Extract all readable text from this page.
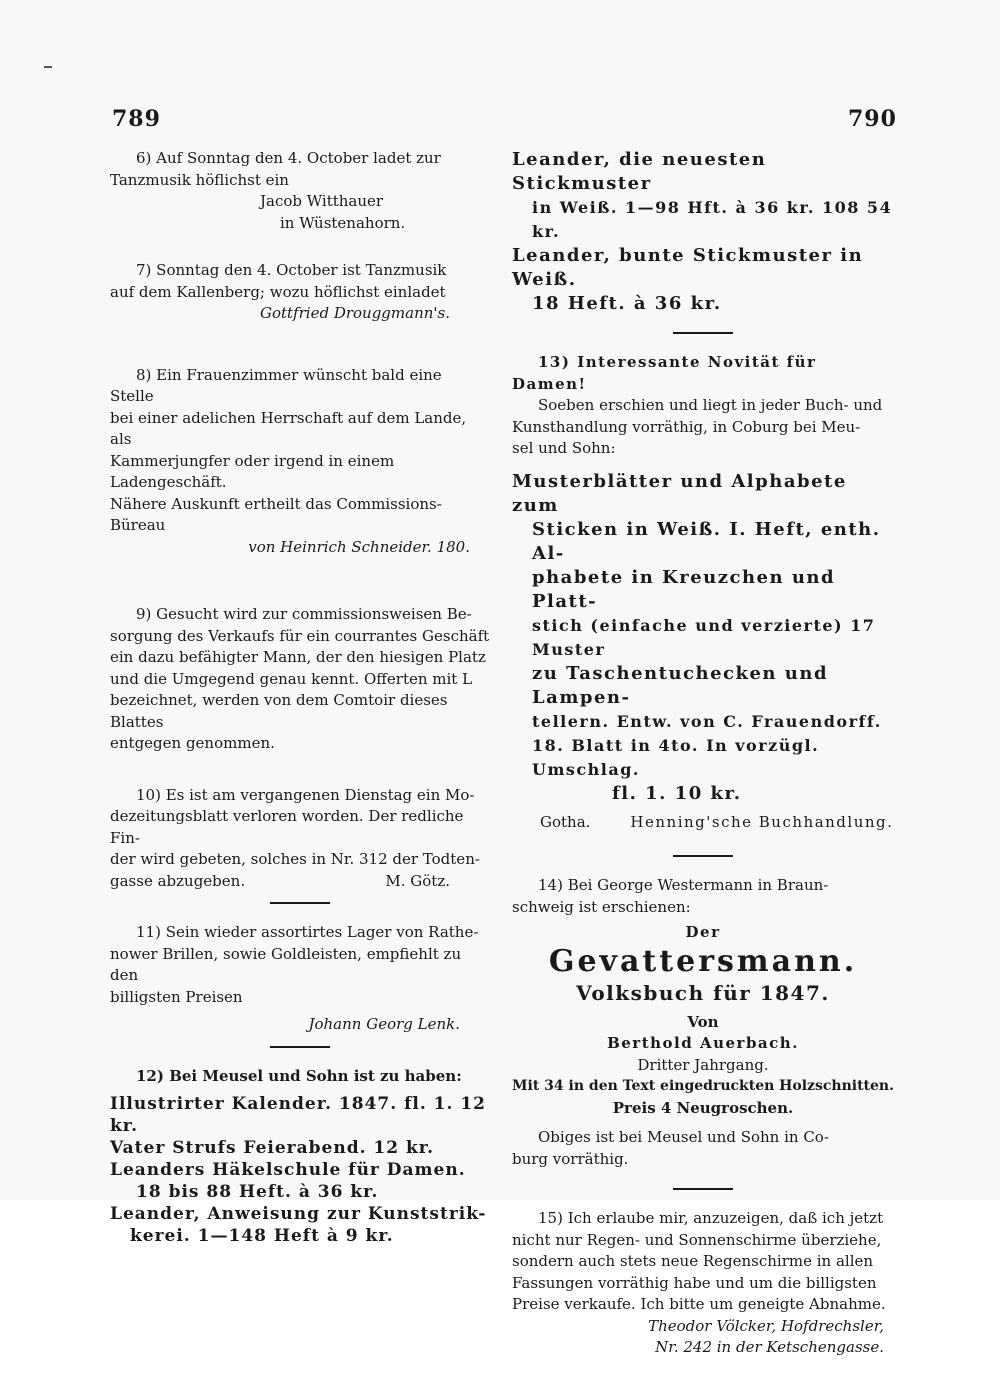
789	790

6) Auf Sonntag den 4. October ladet zur

Tanzmusik höflichst ein

Jacob Witthauer

in Wüstenahorn.

7) Sonntag den 4. October ist Tanzmusik

auf dem Kallenberg; wozu höflichst einladet

Gottfried Drouggmann's.

8) Ein Frauenzimmer wünscht bald eine Stelle

bei einer adelichen Herrschaft auf dem Lande, als

Kammerjungfer oder irgend in einem Ladengeschäft.

Nähere Auskunft ertheilt das Commissions-Büreau

von Heinrich Schneider. 180.

9) Gesucht wird zur commissionsweisen Be-

sorgung des Verkaufs für ein courrantes Geschäft

ein dazu befähigter Mann, der den hiesigen Platz

und die Umgegend genau kennt. Offerten mit L

bezeichnet, werden von dem Comtoir dieses Blattes

entgegen genommen.

10) Es ist am vergangenen Dienstag ein Mo-

dezeitungsblatt verloren worden. Der redliche Fin-

der wird gebeten, solches in Nr. 312 der Todten-

gasse abzugeben.	M. Götz.

11) Sein wieder assortirtes Lager von Rathe-

nower Brillen, sowie Goldleisten, empfiehlt zu den

billigsten Preisen

Johann Georg Lenk.

12) Bei Meusel und Sohn ist zu haben:

Illustrirter Kalender. 1847. fl. 1. 12 kr.

Vater Strufs Feierabend. 12 kr.

Leanders Häkelschule für Damen.

18 bis 88 Heft. à 36 kr.

Leander, Anweisung zur Kunststrik-

kerei. 1—148 Heft à 9 kr.

Leander, die neuesten Stickmuster

in Weiß. 1—98 Hft. à 36 kr. 108 54 kr.

Leander, bunte Stickmuster in Weiß.

18 Heft. à 36 kr.

13) Interessante Novität für Damen!

Soeben erschien und liegt in jeder Buch- und

Kunsthandlung vorräthig, in Coburg bei Meu-

sel und Sohn:

Musterblätter und Alphabete zum

Sticken in Weiß. I. Heft, enth. Al-

phabete in Kreuzchen und Platt-

stich (einfache und verzierte) 17 Muster

zu Taschentuchecken und Lampen-

tellern. Entw. von C. Frauendorff.

18. Blatt in 4to. In vorzügl. Umschlag.

fl. 1. 10 kr.

Gotha.	Henning'sche Buchhandlung.

14) Bei George Westermann in Braun-

schweig ist erschienen:

Der

Gevattersmann.

Volksbuch für 1847.

Von

Berthold Auerbach.

Dritter Jahrgang.

Mit 34 in den Text eingedruckten Holzschnitten.

Preis 4 Neugroschen.

Obiges ist bei Meusel und Sohn in Co-

burg vorräthig.

15) Ich erlaube mir, anzuzeigen, daß ich jetzt

nicht nur Regen- und Sonnenschirme überziehe,

sondern auch stets neue Regenschirme in allen

Fassungen vorräthig habe und um die billigsten

Preise verkaufe. Ich bitte um geneigte Abnahme.

Theodor Völcker, Hofdrechsler,

Nr. 242 in der Ketschengasse.
